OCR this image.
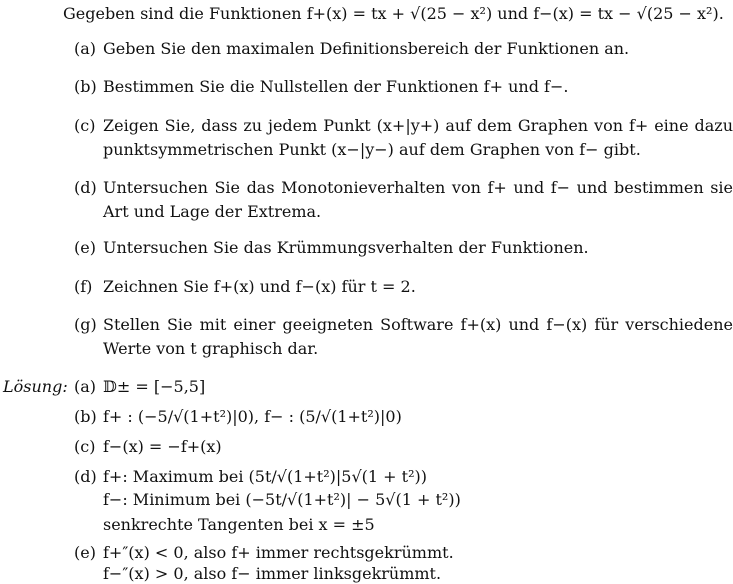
Gegeben sind die Funktionen f+(x) = tx + √(25 − x²) und f−(x) = tx − √(25 − x²).
(a) Geben Sie den maximalen Definitionsbereich der Funktionen an.
(b) Bestimmen Sie die Nullstellen der Funktionen f+ und f−.
(c) Zeigen Sie, dass zu jedem Punkt (x+|y+) auf dem Graphen von f+ eine dazu punktsymmetrischen Punkt (x−|y−) auf dem Graphen von f− gibt.
(d) Untersuchen Sie das Monotonieverhalten von f+ und f− und bestimmen sie Art und Lage der Extrema.
(e) Untersuchen Sie das Krümmungsverhalten der Funktionen.
(f) Zeichnen Sie f+(x) und f−(x) für t = 2.
(g) Stellen Sie mit einer geeigneten Software f+(x) und f−(x) für verschiedene Werte von t graphisch dar.
Lösung: (a) 𝔻± = [−5,5]
(b) f+ : (−5/√(1+t²)|0), f− : (5/√(1+t²)|0)
(c) f−(x) = −f+(x)
(d) f+: Maximum bei (5t/√(1+t²)|5√(1 + t²))
f−: Minimum bei (−5t/√(1+t²)| − 5√(1 + t²))
senkrechte Tangenten bei x = ±5
(e) f+″(x) < 0, also f+ immer rechtsgekrümmt.
f−″(x) > 0, also f− immer linksgekrümmt.
